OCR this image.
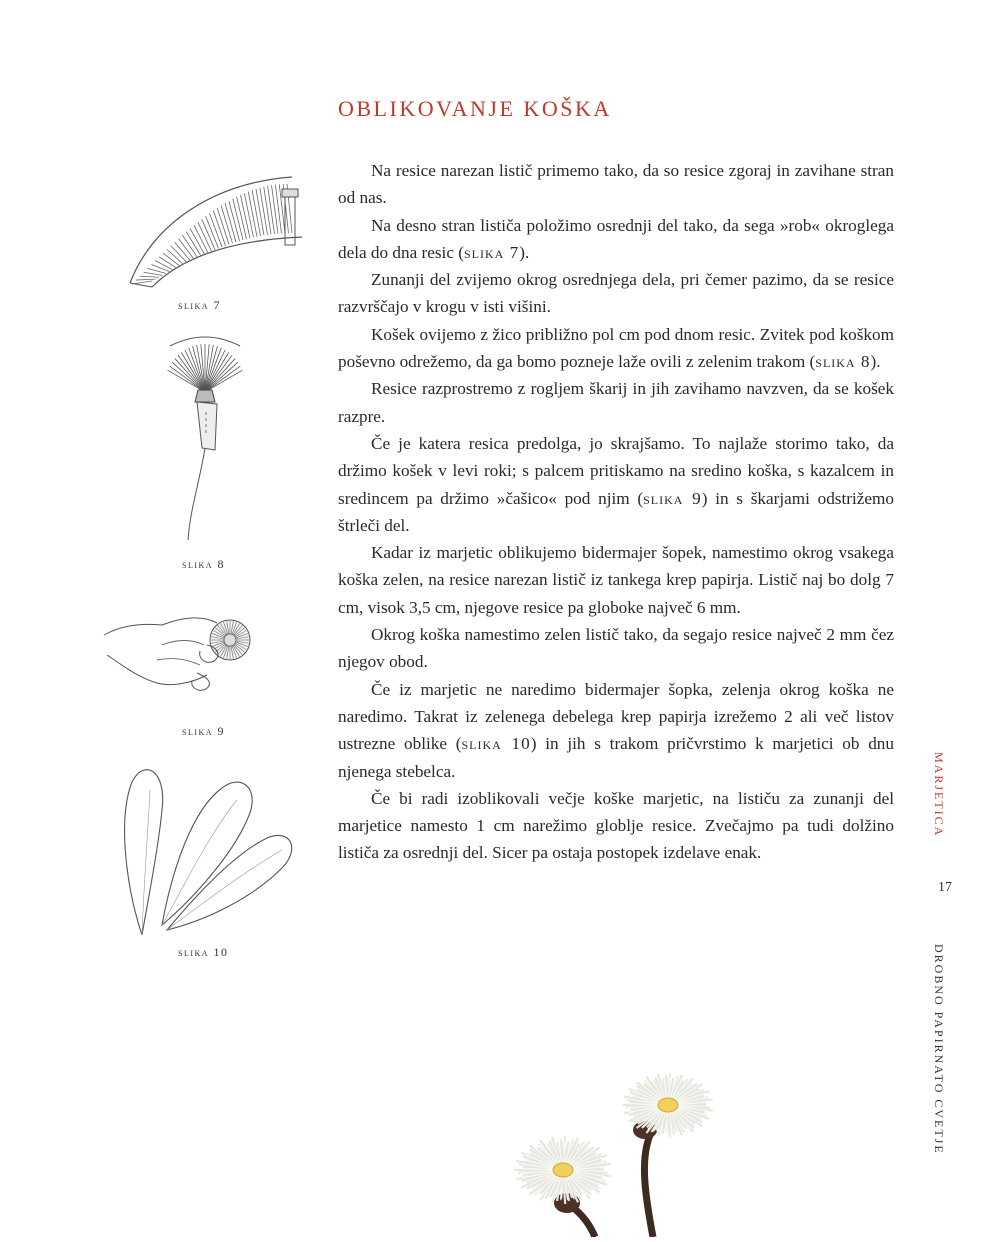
OBLIKOVANJE KOŠKA

Na resice narezan listič primemo tako, da so resice zgoraj in zavihane stran od nas.

Na desno stran lističa položimo osrednji del tako, da sega »rob« okroglega dela do dna resic (slika 7).

Zunanji del zvijemo okrog osrednjega dela, pri čemer pazimo, da se resice razvrščajo v krogu v isti višini.

Košek ovijemo z žico približno pol cm pod dnom resic. Zvitek pod koškom poševno odrežemo, da ga bomo pozneje laže ovili z zelenim trakom (slika 8).

Resice razprostremo z rogljem škarij in jih zavihamo navzven, da se košek razpre.

Če je katera resica predolga, jo skrajšamo. To najlaže storimo tako, da držimo košek v levi roki; s palcem pritiskamo na sredino koška, s kazalcem in sredincem pa držimo »čašico« pod njim (slika 9) in s škarjami odstrižemo štrleči del.

Kadar iz marjetic oblikujemo bidermajer šopek, namestimo okrog vsakega koška zelen, na resice narezan listič iz tankega krep papirja. Listič naj bo dolg 7 cm, visok 3,5 cm, njegove resice pa globoke največ 6 mm.

Okrog koška namestimo zelen listič tako, da segajo resice največ 2 mm čez njegov obod.

Če iz marjetic ne naredimo bidermajer šopka, zelenja okrog koška ne naredimo. Takrat iz zelenega debelega krep papirja izrežemo 2 ali več listov ustrezne oblike (slika 10) in jih s trakom pričvrstimo k marjetici ob dnu njenega stebelca.

Če bi radi izoblikovali večje koške marjetic, na lističu za zunanji del marjetice namesto 1 cm narežimo globlje resice. Zvečajmo pa tudi dolžino lističa za osrednji del. Sicer pa ostaja postopek izdelave enak.

slika 7
slika 8
slika 9
slika 10
MARJETICA
17
DROBNO PAPIRNATO CVETJE
